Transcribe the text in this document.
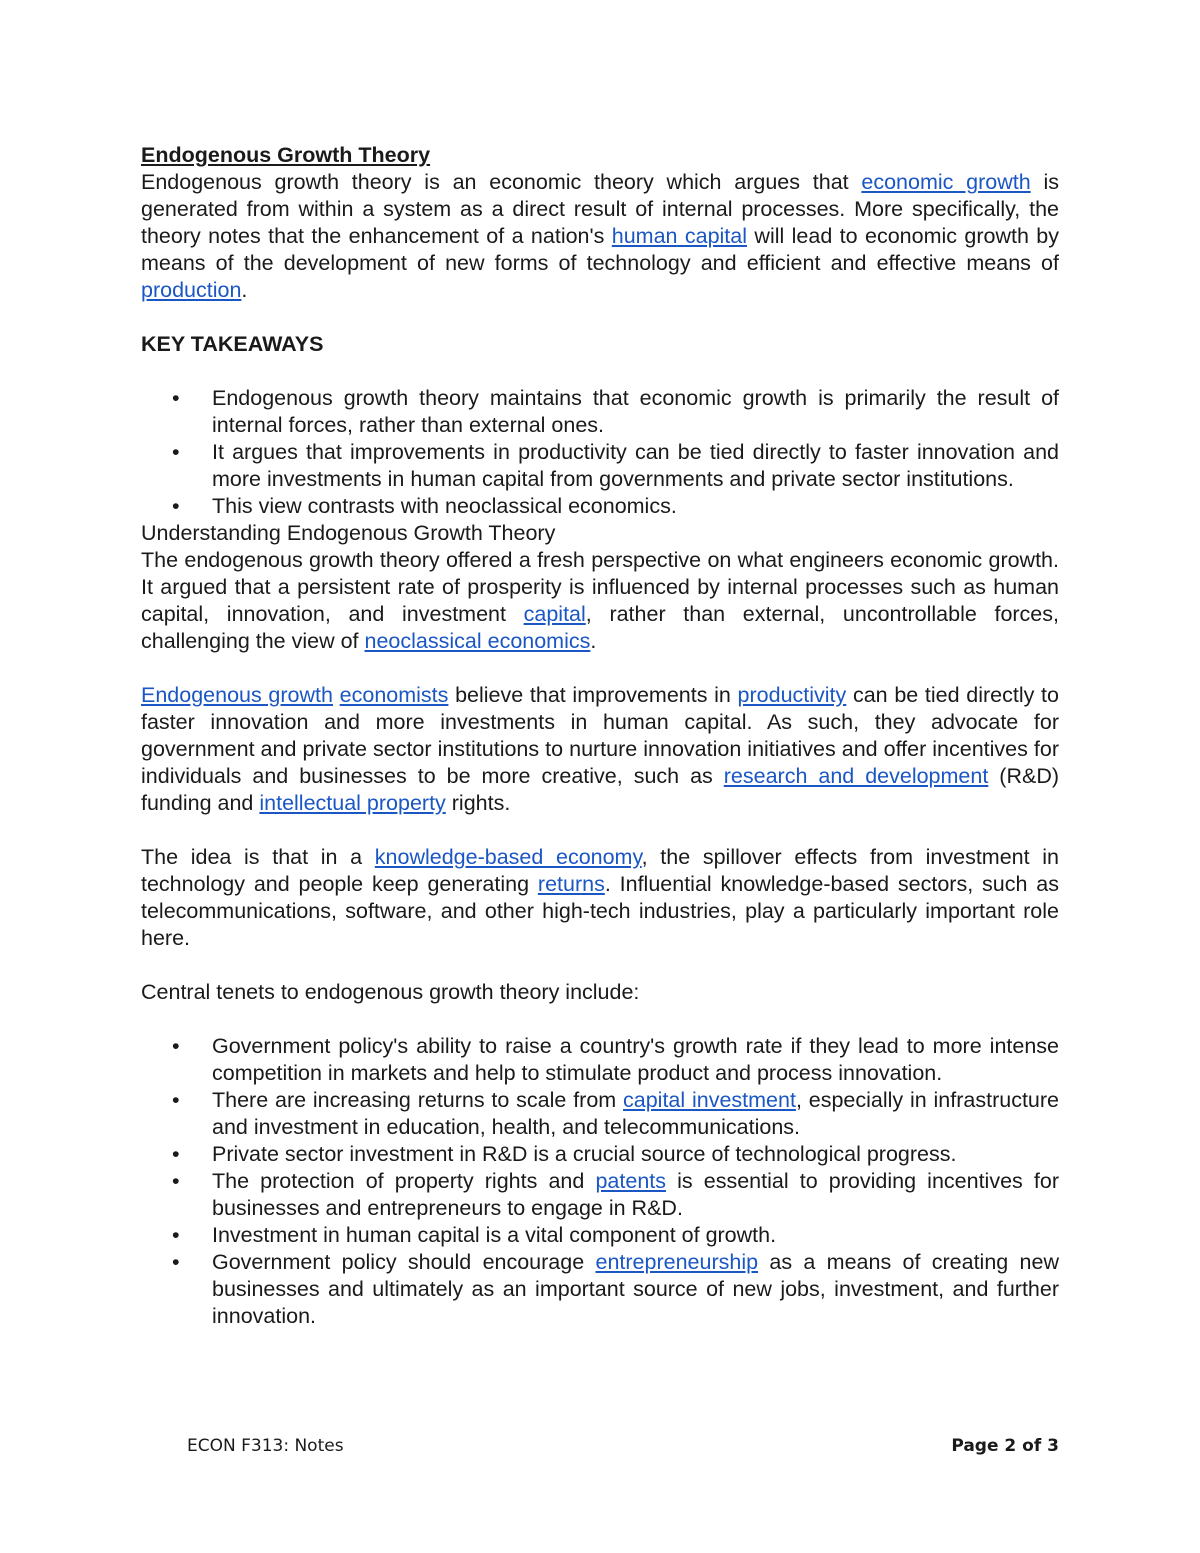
Endogenous Growth Theory

Endogenous growth theory is an economic theory which argues that economic growth is generated from within a system as a direct result of internal processes. More specifically, the theory notes that the enhancement of a nation's human capital will lead to economic growth by means of the development of new forms of technology and efficient and effective means of production.

KEY TAKEAWAYS

• Endogenous growth theory maintains that economic growth is primarily the result of internal forces, rather than external ones.
• It argues that improvements in productivity can be tied directly to faster innovation and more investments in human capital from governments and private sector institutions.
• This view contrasts with neoclassical economics.

Understanding Endogenous Growth Theory

The endogenous growth theory offered a fresh perspective on what engineers economic growth. It argued that a persistent rate of prosperity is influenced by internal processes such as human capital, innovation, and investment capital, rather than external, uncontrollable forces, challenging the view of neoclassical economics.

Endogenous growth economists believe that improvements in productivity can be tied directly to faster innovation and more investments in human capital. As such, they advocate for government and private sector institutions to nurture innovation initiatives and offer incentives for individuals and businesses to be more creative, such as research and development (R&D) funding and intellectual property rights.

The idea is that in a knowledge-based economy, the spillover effects from investment in technology and people keep generating returns. Influential knowledge-based sectors, such as telecommunications, software, and other high-tech industries, play a particularly important role here.

Central tenets to endogenous growth theory include:

• Government policy's ability to raise a country's growth rate if they lead to more intense competition in markets and help to stimulate product and process innovation.
• There are increasing returns to scale from capital investment, especially in infrastructure and investment in education, health, and telecommunications.
• Private sector investment in R&D is a crucial source of technological progress.
• The protection of property rights and patents is essential to providing incentives for businesses and entrepreneurs to engage in R&D.
• Investment in human capital is a vital component of growth.
• Government policy should encourage entrepreneurship as a means of creating new businesses and ultimately as an important source of new jobs, investment, and further innovation.
ECON F313: Notes	Page 2 of 3
